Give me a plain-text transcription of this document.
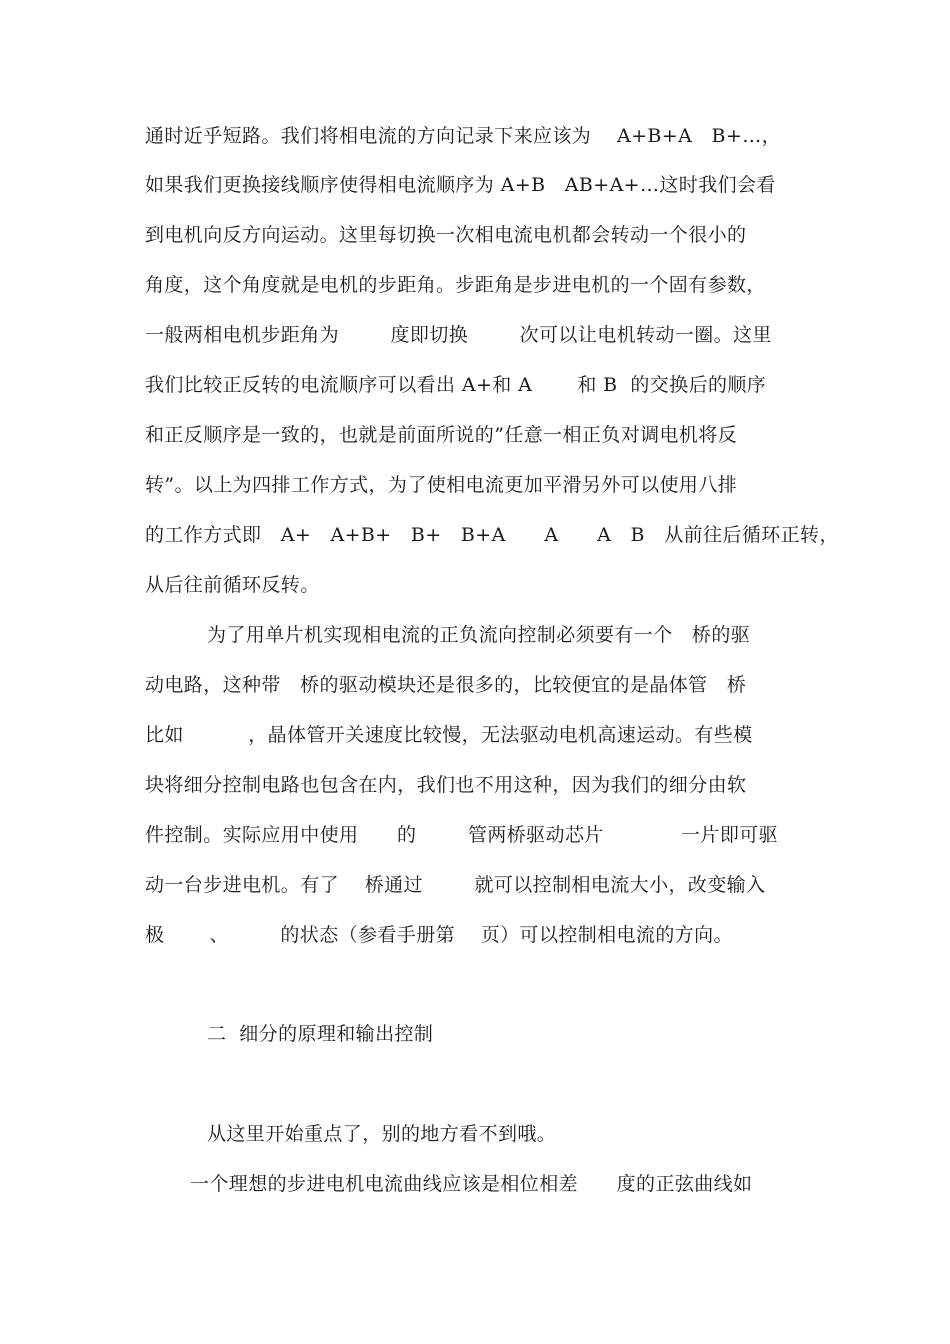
通时近乎短路。我们将相电流的方向记录下来应该为    A+B+A   B+…，
如果我们更换接线顺序使得相电流顺序为 A+B   AB+A+…这时我们会看
到电机向反方向运动。这里每切换一次相电流电机都会转动一个很小的
角度，这个角度就是电机的步距角。步距角是步进电机的一个固有参数，
一般两相电机步距角为        度即切换        次可以让电机转动一圈。这里
我们比较正反转的电流顺序可以看出 A+和 A       和 B  的交换后的顺序
和正反顺序是一致的，也就是前面所说的”任意一相正负对调电机将反
转”。以上为四排工作方式，为了使相电流更加平滑另外可以使用八排
的工作方式即   A+   A+B+   B+   B+A      A      A   B   从前往后循环正转，
从后往前循环反转。
为了用单片机实现相电流的正负流向控制必须要有一个   桥的驱
动电路，这种带   桥的驱动模块还是很多的，比较便宜的是晶体管   桥
比如          ，晶体管开关速度比较慢，无法驱动电机高速运动。有些模
块将细分控制电路也包含在内，我们也不用这种，因为我们的细分由软
件控制。实际应用中使用      的        管两桥驱动芯片            一片即可驱
动一台步进电机。有了    桥通过        就可以控制相电流大小，改变输入
极       、        的状态（参看手册第    页）可以控制相电流的方向。
二  细分的原理和输出控制
从这里开始重点了，别的地方看不到哦。
一个理想的步进电机电流曲线应该是相位相差      度的正弦曲线如
